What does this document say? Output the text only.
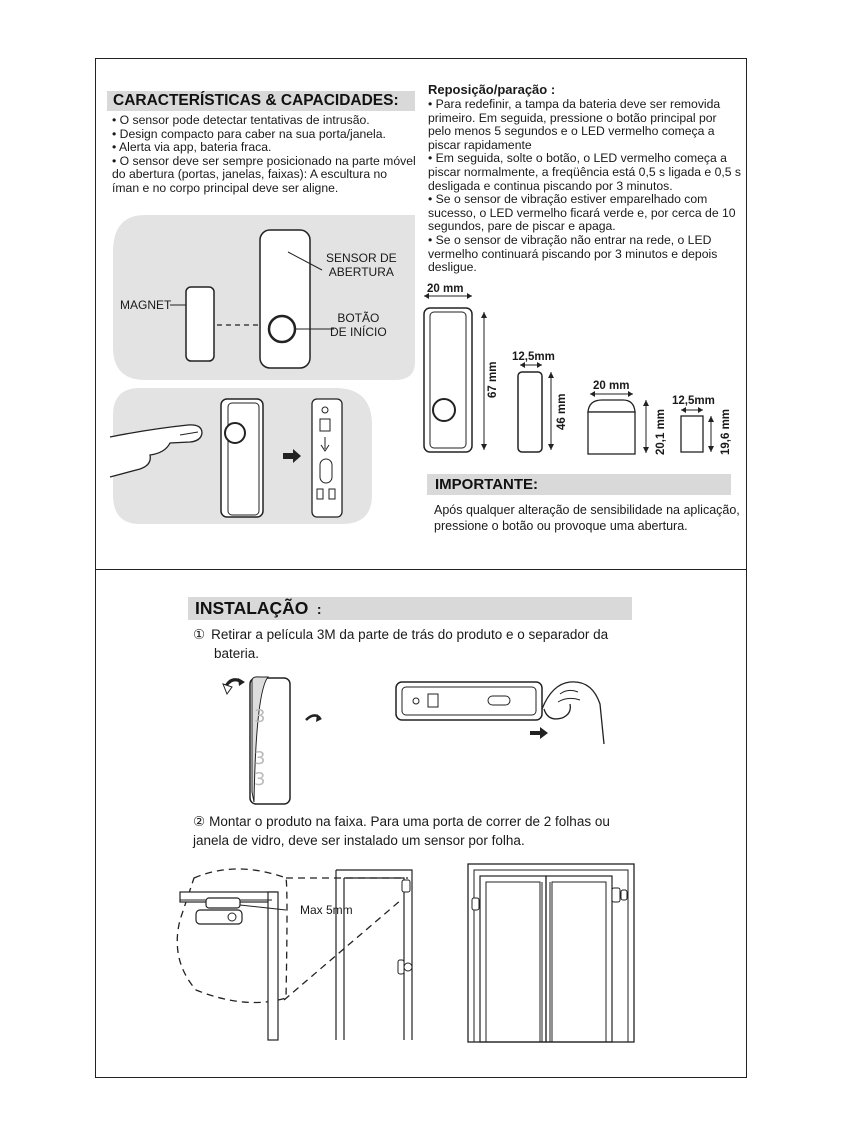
CARACTERÍSTICAS & CAPACIDADES:
• O sensor pode detectar tentativas de intrusão.
• Design compacto para caber na sua porta/janela.
• Alerta via app, bateria fraca.
• O sensor deve ser sempre posicionado na parte móvel
do abertura (portas, janelas, faixas): A escultura no
íman e no corpo principal deve ser aligne.
SENSOR DE
ABERTURA
MAGNET
BOTÃO
DE INÍCIO
Reposição/paração :
• Para redefinir, a tampa da bateria deve ser removida
primeiro. Em seguida, pressione o botão principal por
pelo menos 5 segundos e o LED vermelho começa a
piscar rapidamente
• Em seguida, solte o botão, o LED vermelho começa a
piscar normalmente, a freqüência está 0,5 s ligada e 0,5 s
desligada e continua piscando por 3 minutos.
• Se o sensor de vibração estiver emparelhado com
sucesso, o LED vermelho ficará verde e, por cerca de 10
segundos, pare de piscar e apaga.
• Se o sensor de vibração não entrar na rede, o LED
vermelho continuará piscando por 3 minutos e depois
desligue.
20 mm
67 mm
12,5mm
46 mm
20 mm
20,1 mm
12,5mm
19,6 mm
IMPORTANTE:
Após qualquer alteração de sensibilidade na aplicação,
pressione o botão ou provoque uma abertura.
INSTALAÇÃO :
① Retirar a película 3M da parte de trás do produto e o separador da
bateria.
3
3
3
② Montar o produto na faixa. Para uma porta de correr de 2 folhas ou
janela de vidro, deve ser instalado um sensor por folha.
Max 5mm
